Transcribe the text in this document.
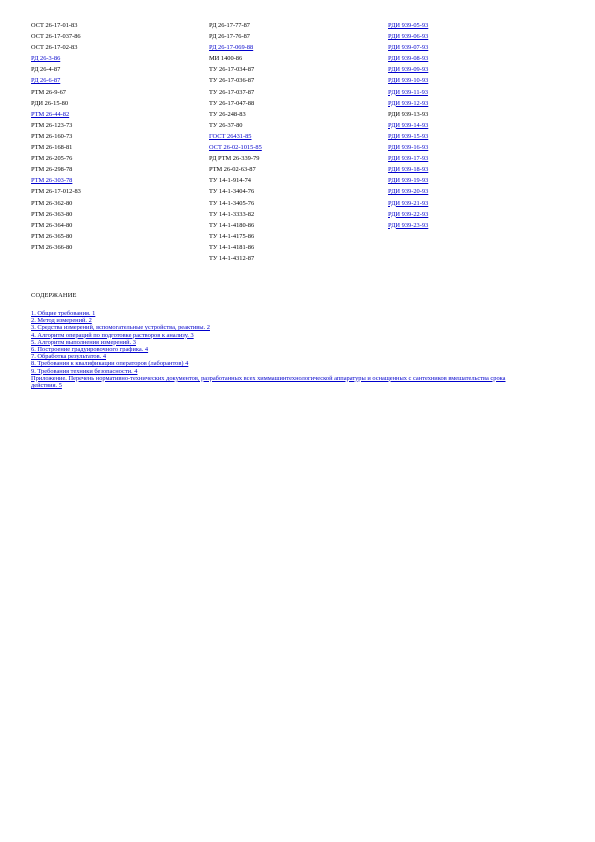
ОСТ 26-17-01-83
ОСТ 26-17-037-86
ОСТ 26-17-02-83
РД 26-3-86
РД 26-4-87
РД 26-6-87
РТМ 26-9-67
РДИ 26-15-80
РТМ 26-44-82
РТМ 26-123-73
РТМ 26-160-73
РТМ 26-168-81
РТМ 26-205-76
РТМ 26-298-78
РТМ 26-303-78
РТМ 26-17-012-83
РТМ 26-362-80
РТМ 26-363-80
РТМ 26-364-80
РТМ 26-365-80
РТМ 26-366-80
РД 26-17-77-87
РД 26-17-76-87
РД 26-17-069-88
МИ 1400-86
ТУ 26-17-034-87
ТУ 26-17-036-87
ТУ 26-17-037-87
ТУ 26-17-047-88
ТУ 26-248-83
ТУ 26-37-80
ГОСТ 26431-85
ОСТ 26-02-1015-85
РД РТМ 26-339-79
РТМ 26-02-63-87
ТУ 14-1-914-74
ТУ 14-1-3404-76
ТУ 14-1-3405-76
ТУ 14-1-3333-82
ТУ 14-1-4180-86
ТУ 14-1-4175-86
ТУ 14-1-4181-86
ТУ 14-1-4312-87
РДИ 939-05-93
РДИ 939-06-93
РДИ 939-07-93
РДИ 939-08-93
РДИ 939-09-93
РДИ 939-10-93
РДИ 939-11-93
РДИ 939-12-93
РДИ 939-13-93
РДИ 939-14-93
РДИ 939-15-93
РДИ 939-16-93
РДИ 939-17-93
РДИ 939-18-93
РДИ 939-19-93
РДИ 939-20-93
РДИ 939-21-93
РДИ 939-22-93
РДИ 939-23-93
СОДЕРЖАНИЕ
1. Общие требования. 1
2. Метод измерений. 2
3. Средства измерений, вспомогательные устройства, реактивы. 2
4. Алгоритм операций по подготовке растворов к анализу. 3
5. Алгоритм выполнения измерений. 3
6. Построение градуировочного графика. 4
7. Обработка результатов. 4
8. Требования к квалификации операторов (лаборантов) 4
9. Требования техники безопасности. 4
Приложение. Перечень нормативно-технических документов, разработанных всех химмашинтехнологической аппаратуры и оснащенных с сантехников вмешательства срока действия. 5
